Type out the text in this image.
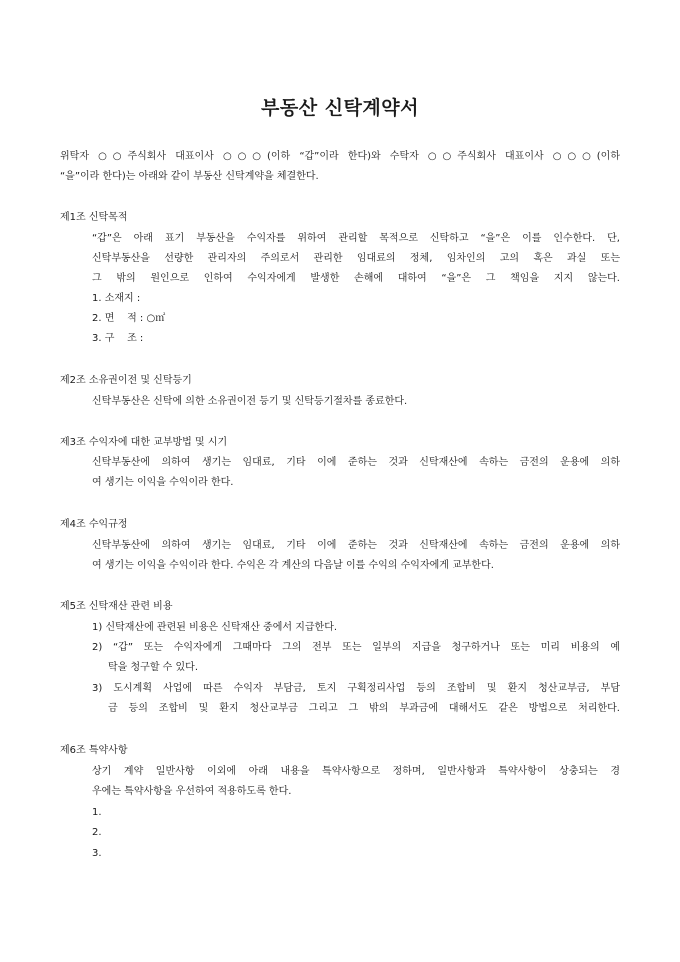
부동산 신탁계약서
위탁자 ○○주식회사 대표이사 ○○○(이하 “갑”이라 한다)와 수탁자 ○○주식회사 대표이사 ○○○(이하
“을”이라 한다)는 아래와 같이 부동산 신탁계약을 체결한다.
제1조 신탁목적
“갑”은 아래 표기 부동산을 수익자를 위하여 관리할 목적으로 신탁하고 “을”은 이를 인수한다. 단,
신탁부동산을 선량한 관리자의 주의로서 관리한 임대료의 정체, 임차인의 고의 혹은 과실 또는
그 밖의 원인으로 인하여 수익자에게 발생한 손해에 대하여 “을”은 그 책임을 지지 않는다.
1. 소재지 :
2. 면    적 : ○㎡
3. 구    조 :
제2조 소유권이전 및 신탁등기
신탁부동산은 신탁에 의한 소유권이전 등기 및 신탁등기절차를 종료한다.
제3조 수익자에 대한 교부방법 및 시기
신탁부동산에 의하여 생기는 임대료, 기타 이에 준하는 것과 신탁재산에 속하는 금전의 운용에 의하
여 생기는 이익을 수익이라 한다.
제4조 수익규정
신탁부동산에 의하여 생기는 임대료, 기타 이에 준하는 것과 신탁재산에 속하는 금전의 운용에 의하
여 생기는 이익을 수익이라 한다. 수익은 각 계산의 다음날 이를 수익의 수익자에게 교부한다.
제5조 신탁재산 관련 비용
1) 신탁재산에 관련된 비용은 신탁재산 중에서 지급한다.
2) “갑” 또는 수익자에게 그때마다 그의 전부 또는 일부의 지급을 청구하거나 또는 미리 비용의 예
탁을 청구할 수 있다.
3) 도시계획 사업에 따른 수익자 부담금, 토지 구획정리사업 등의 조합비 및 환지 청산교부금, 부담
금 등의 조합비 및 환지 청산교부금 그리고 그 밖의 부과금에 대해서도 같은 방법으로 처리한다.
제6조 특약사항
상기 계약 일반사항 이외에 아래 내용을 특약사항으로 정하며, 일반사항과 특약사항이 상충되는 경
우에는 특약사항을 우선하여 적용하도록 한다.
1.
2.
3.
